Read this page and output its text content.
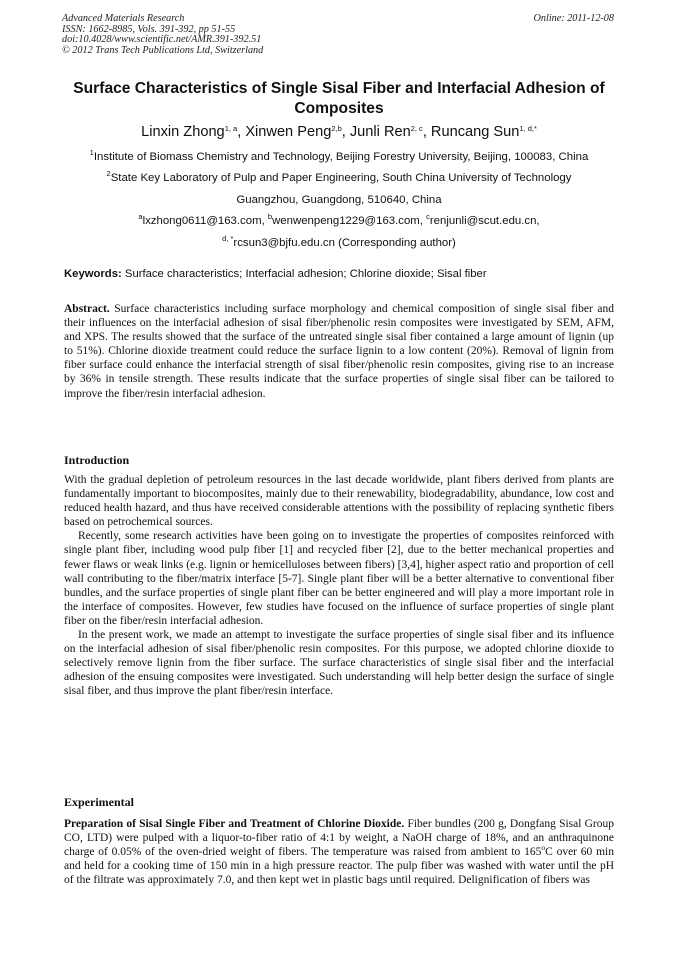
Advanced Materials Research
ISSN: 1662-8985, Vols. 391-392, pp 51-55
doi:10.4028/www.scientific.net/AMR.391-392.51
© 2012 Trans Tech Publications Ltd, Switzerland
Online: 2011-12-08
Surface Characteristics of Single Sisal Fiber and Interfacial Adhesion of Composites
Linxin Zhong$^{1, a}$, Xinwen Peng$^{2,b}$, Junli Ren$^{2, c}$, Runcang Sun$^{1, d,*}$
$^1$Institute of Biomass Chemistry and Technology, Beijing Forestry University, Beijing, 100083, China
$^2$State Key Laboratory of Pulp and Paper Engineering, South China University of Technology
Guangzhou, Guangdong, 510640, China
$^a$lxzhong0611@163.com, $^b$wenwenpeng1229@163.com, $^c$renjunli@scut.edu.cn,
$^{d, *}$rcsun3@bjfu.edu.cn (Corresponding author)
Keywords: Surface characteristics; Interfacial adhesion; Chlorine dioxide; Sisal fiber
Abstract. Surface characteristics including surface morphology and chemical composition of single sisal fiber and their influences on the interfacial adhesion of sisal fiber/phenolic resin composites were investigated by SEM, AFM, and XPS. The results showed that the surface of the untreated single sisal fiber contained a large amount of lignin (up to 51%). Chlorine dioxide treatment could reduce the surface lignin to a low content (20%). Removal of lignin from fiber surface could enhance the interfacial strength of sisal fiber/phenolic resin composites, giving rise to an increase by 36% in tensile strength. These results indicate that the surface properties of single sisal fiber can be tailored to improve the fiber/resin interfacial adhesion.
Introduction
With the gradual depletion of petroleum resources in the last decade worldwide, plant fibers derived from plants are fundamentally important to biocomposites, mainly due to their renewability, biodegradability, abundance, low cost and reduced health hazard, and thus have received considerable attentions with the possibility of replacing synthetic fibers based on petrochemical sources.
Recently, some research activities have been going on to investigate the properties of composites reinforced with single plant fiber, including wood pulp fiber [1] and recycled fiber [2], due to the better mechanical properties and fewer flaws or weak links (e.g. lignin or hemicelluloses between fibers) [3,4], higher aspect ratio and proportion of cell wall contributing to the fiber/matrix interface [5-7]. Single plant fiber will be a better alternative to conventional fiber bundles, and the surface properties of single plant fiber can be better engineered and will play a more important role in the interface of composites. However, few studies have focused on the influence of surface properties of single plant fiber on the fiber/resin interfacial adhesion.
In the present work, we made an attempt to investigate the surface properties of single sisal fiber and its influence on the interfacial adhesion of sisal fiber/phenolic resin composites. For this purpose, we adopted chlorine dioxide to selectively remove lignin from the fiber surface. The surface characteristics of single sisal fiber and the interfacial adhesion of the ensuing composites were investigated. Such understanding will help better design the surface of single sisal fiber, and thus improve the plant fiber/resin interface.
Experimental
Preparation of Sisal Single Fiber and Treatment of Chlorine Dioxide. Fiber bundles (200 g, Dongfang Sisal Group CO, LTD) were pulped with a liquor-to-fiber ratio of 4:1 by weight, a NaOH charge of 18%, and an anthraquinone charge of 0.05% of the oven-dried weight of fibers. The temperature was raised from ambient to 165$^o$C over 60 min and held for a cooking time of 150 min in a high pressure reactor. The pulp fiber was washed with water until the pH of the filtrate was approximately 7.0, and then kept wet in plastic bags until required. Delignification of fibers was
